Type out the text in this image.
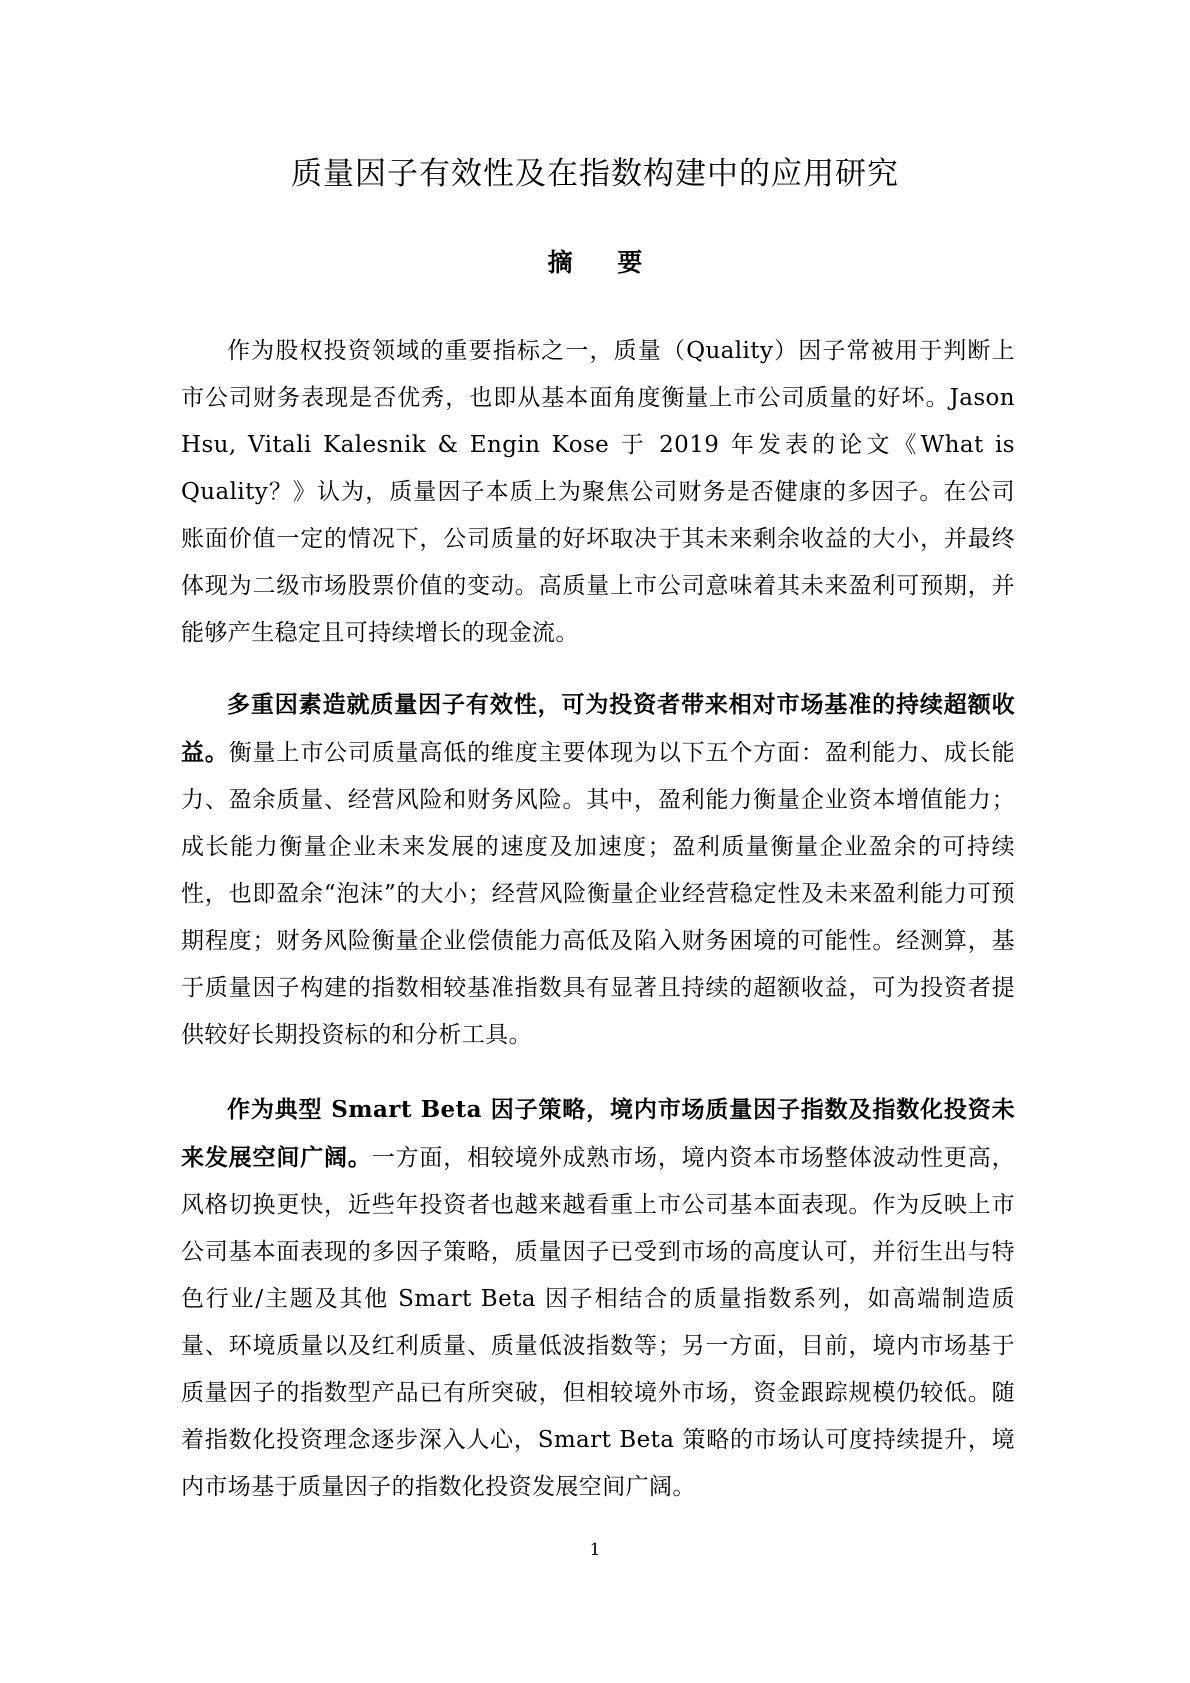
质量因子有效性及在指数构建中的应用研究
摘 要

作为股权投资领域的重要指标之一，质量（Quality）因子常被用于判断上市公司财务表现是否优秀，也即从基本面角度衡量上市公司质量的好坏。Jason Hsu, Vitali Kalesnik & Engin Kose 于 2019 年发表的论文《What is Quality？》认为，质量因子本质上为聚焦公司财务是否健康的多因子。在公司账面价值一定的情况下，公司质量的好坏取决于其未来剩余收益的大小，并最终体现为二级市场股票价值的变动。高质量上市公司意味着其未来盈利可预期，并能够产生稳定且可持续增长的现金流。

多重因素造就质量因子有效性，可为投资者带来相对市场基准的持续超额收益。衡量上市公司质量高低的维度主要体现为以下五个方面：盈利能力、成长能力、盈余质量、经营风险和财务风险。其中，盈利能力衡量企业资本增值能力；成长能力衡量企业未来发展的速度及加速度；盈利质量衡量企业盈余的可持续性，也即盈余“泡沫”的大小；经营风险衡量企业经营稳定性及未来盈利能力可预期程度；财务风险衡量企业偿债能力高低及陷入财务困境的可能性。经测算，基于质量因子构建的指数相较基准指数具有显著且持续的超额收益，可为投资者提供较好长期投资标的和分析工具。

作为典型 Smart Beta 因子策略，境内市场质量因子指数及指数化投资未来发展空间广阔。一方面，相较境外成熟市场，境内资本市场整体波动性更高，风格切换更快，近些年投资者也越来越看重上市公司基本面表现。作为反映上市公司基本面表现的多因子策略，质量因子已受到市场的高度认可，并衍生出与特色行业/主题及其他 Smart Beta 因子相结合的质量指数系列，如高端制造质量、环境质量以及红利质量、质量低波指数等；另一方面，目前，境内市场基于质量因子的指数型产品已有所突破，但相较境外市场，资金跟踪规模仍较低。随着指数化投资理念逐步深入人心，Smart Beta 策略的市场认可度持续提升，境内市场基于质量因子的指数化投资发展空间广阔。

1
